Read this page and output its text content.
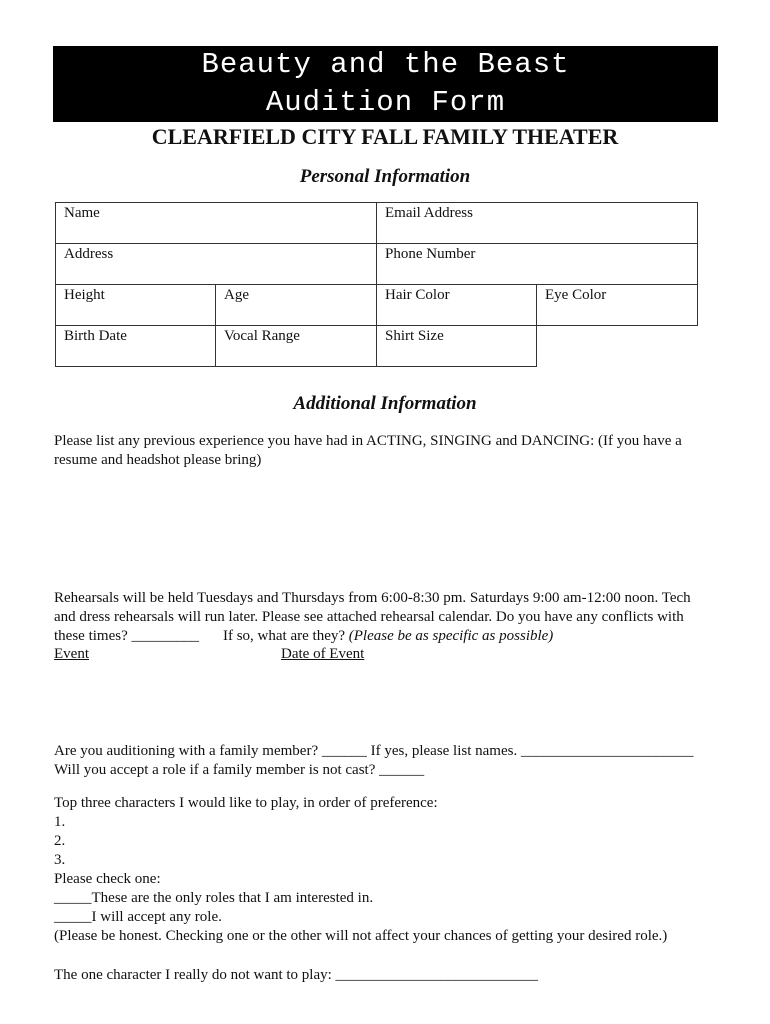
Beauty and the Beast
Audition Form
CLEARFIELD CITY FALL FAMILY THEATER
Personal Information
Name		Email Address	
Address		Phone Number	
Height	Age	Hair Color	Eye Color
Birth Date	Vocal Range	Shirt Size	
Additional Information
Please list any previous experience you have had in ACTING, SINGING and DANCING: (If you have a
resume and headshot please bring)
Rehearsals will be held Tuesdays and Thursdays from 6:00-8:30 pm. Saturdays 9:00 am-12:00 noon. Tech
and dress rehearsals will run later. Please see attached rehearsal calendar. Do you have any conflicts with
these times? _________ If so, what are they? (Please be as specific as possible)
Event	Date of Event
Are you auditioning with a family member? ______ If yes, please list names. _______________________
Will you accept a role if a family member is not cast? ______
Top three characters I would like to play, in order of preference:
1.
2.
3.
Please check one:
_____These are the only roles that I am interested in.
_____I will accept any role.
(Please be honest. Checking one or the other will not affect your chances of getting your desired role.)
The one character I really do not want to play: ___________________________
